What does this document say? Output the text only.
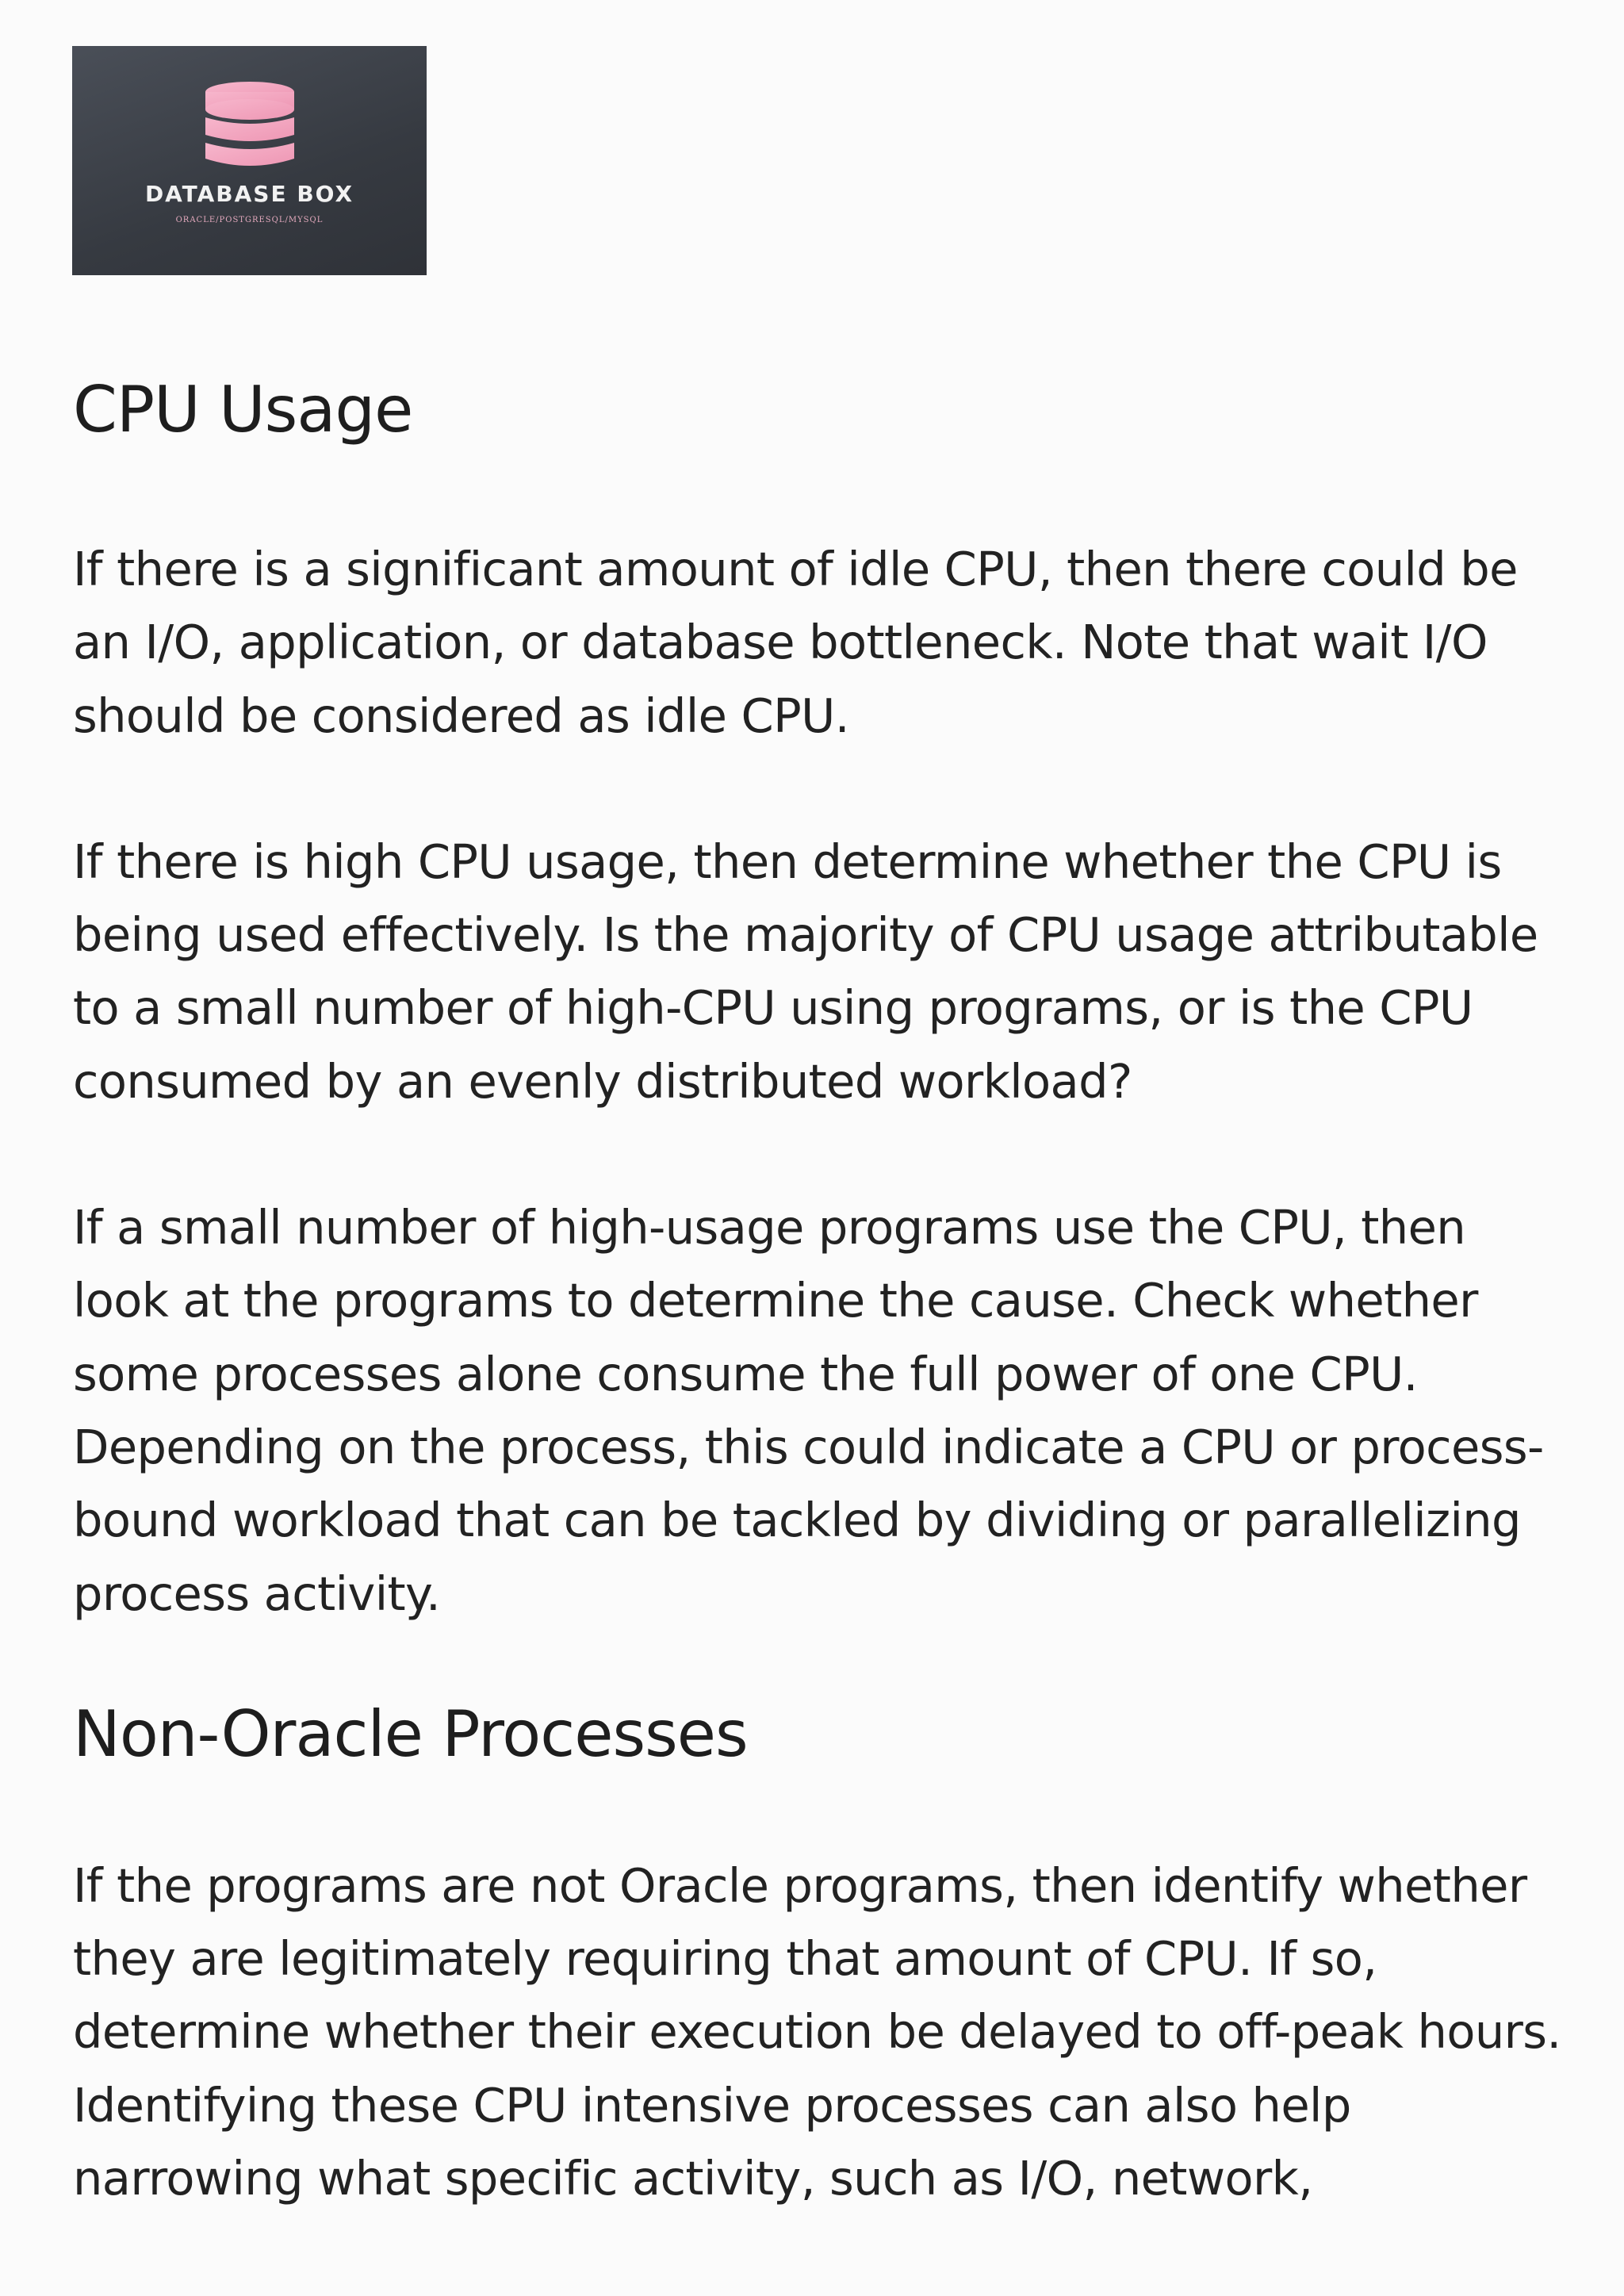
DATABASE BOX
ORACLE/POSTGRESQL/MYSQL
CPU Usage

If there is a significant amount of idle CPU, then there could be an I/O, application, or database bottleneck. Note that wait I/O should be considered as idle CPU.

If there is high CPU usage, then determine whether the CPU is being used effectively. Is the majority of CPU usage attributable to a small number of high-CPU using programs, or is the CPU consumed by an evenly distributed workload?

If a small number of high-usage programs use the CPU, then look at the programs to determine the cause. Check whether some processes alone consume the full power of one CPU. Depending on the process, this could indicate a CPU or process-bound workload that can be tackled by dividing or parallelizing process activity.

Non-Oracle Processes

If the programs are not Oracle programs, then identify whether they are legitimately requiring that amount of CPU. If so, determine whether their execution be delayed to off-peak hours. Identifying these CPU intensive processes can also help narrowing what specific activity, such as I/O, network,
